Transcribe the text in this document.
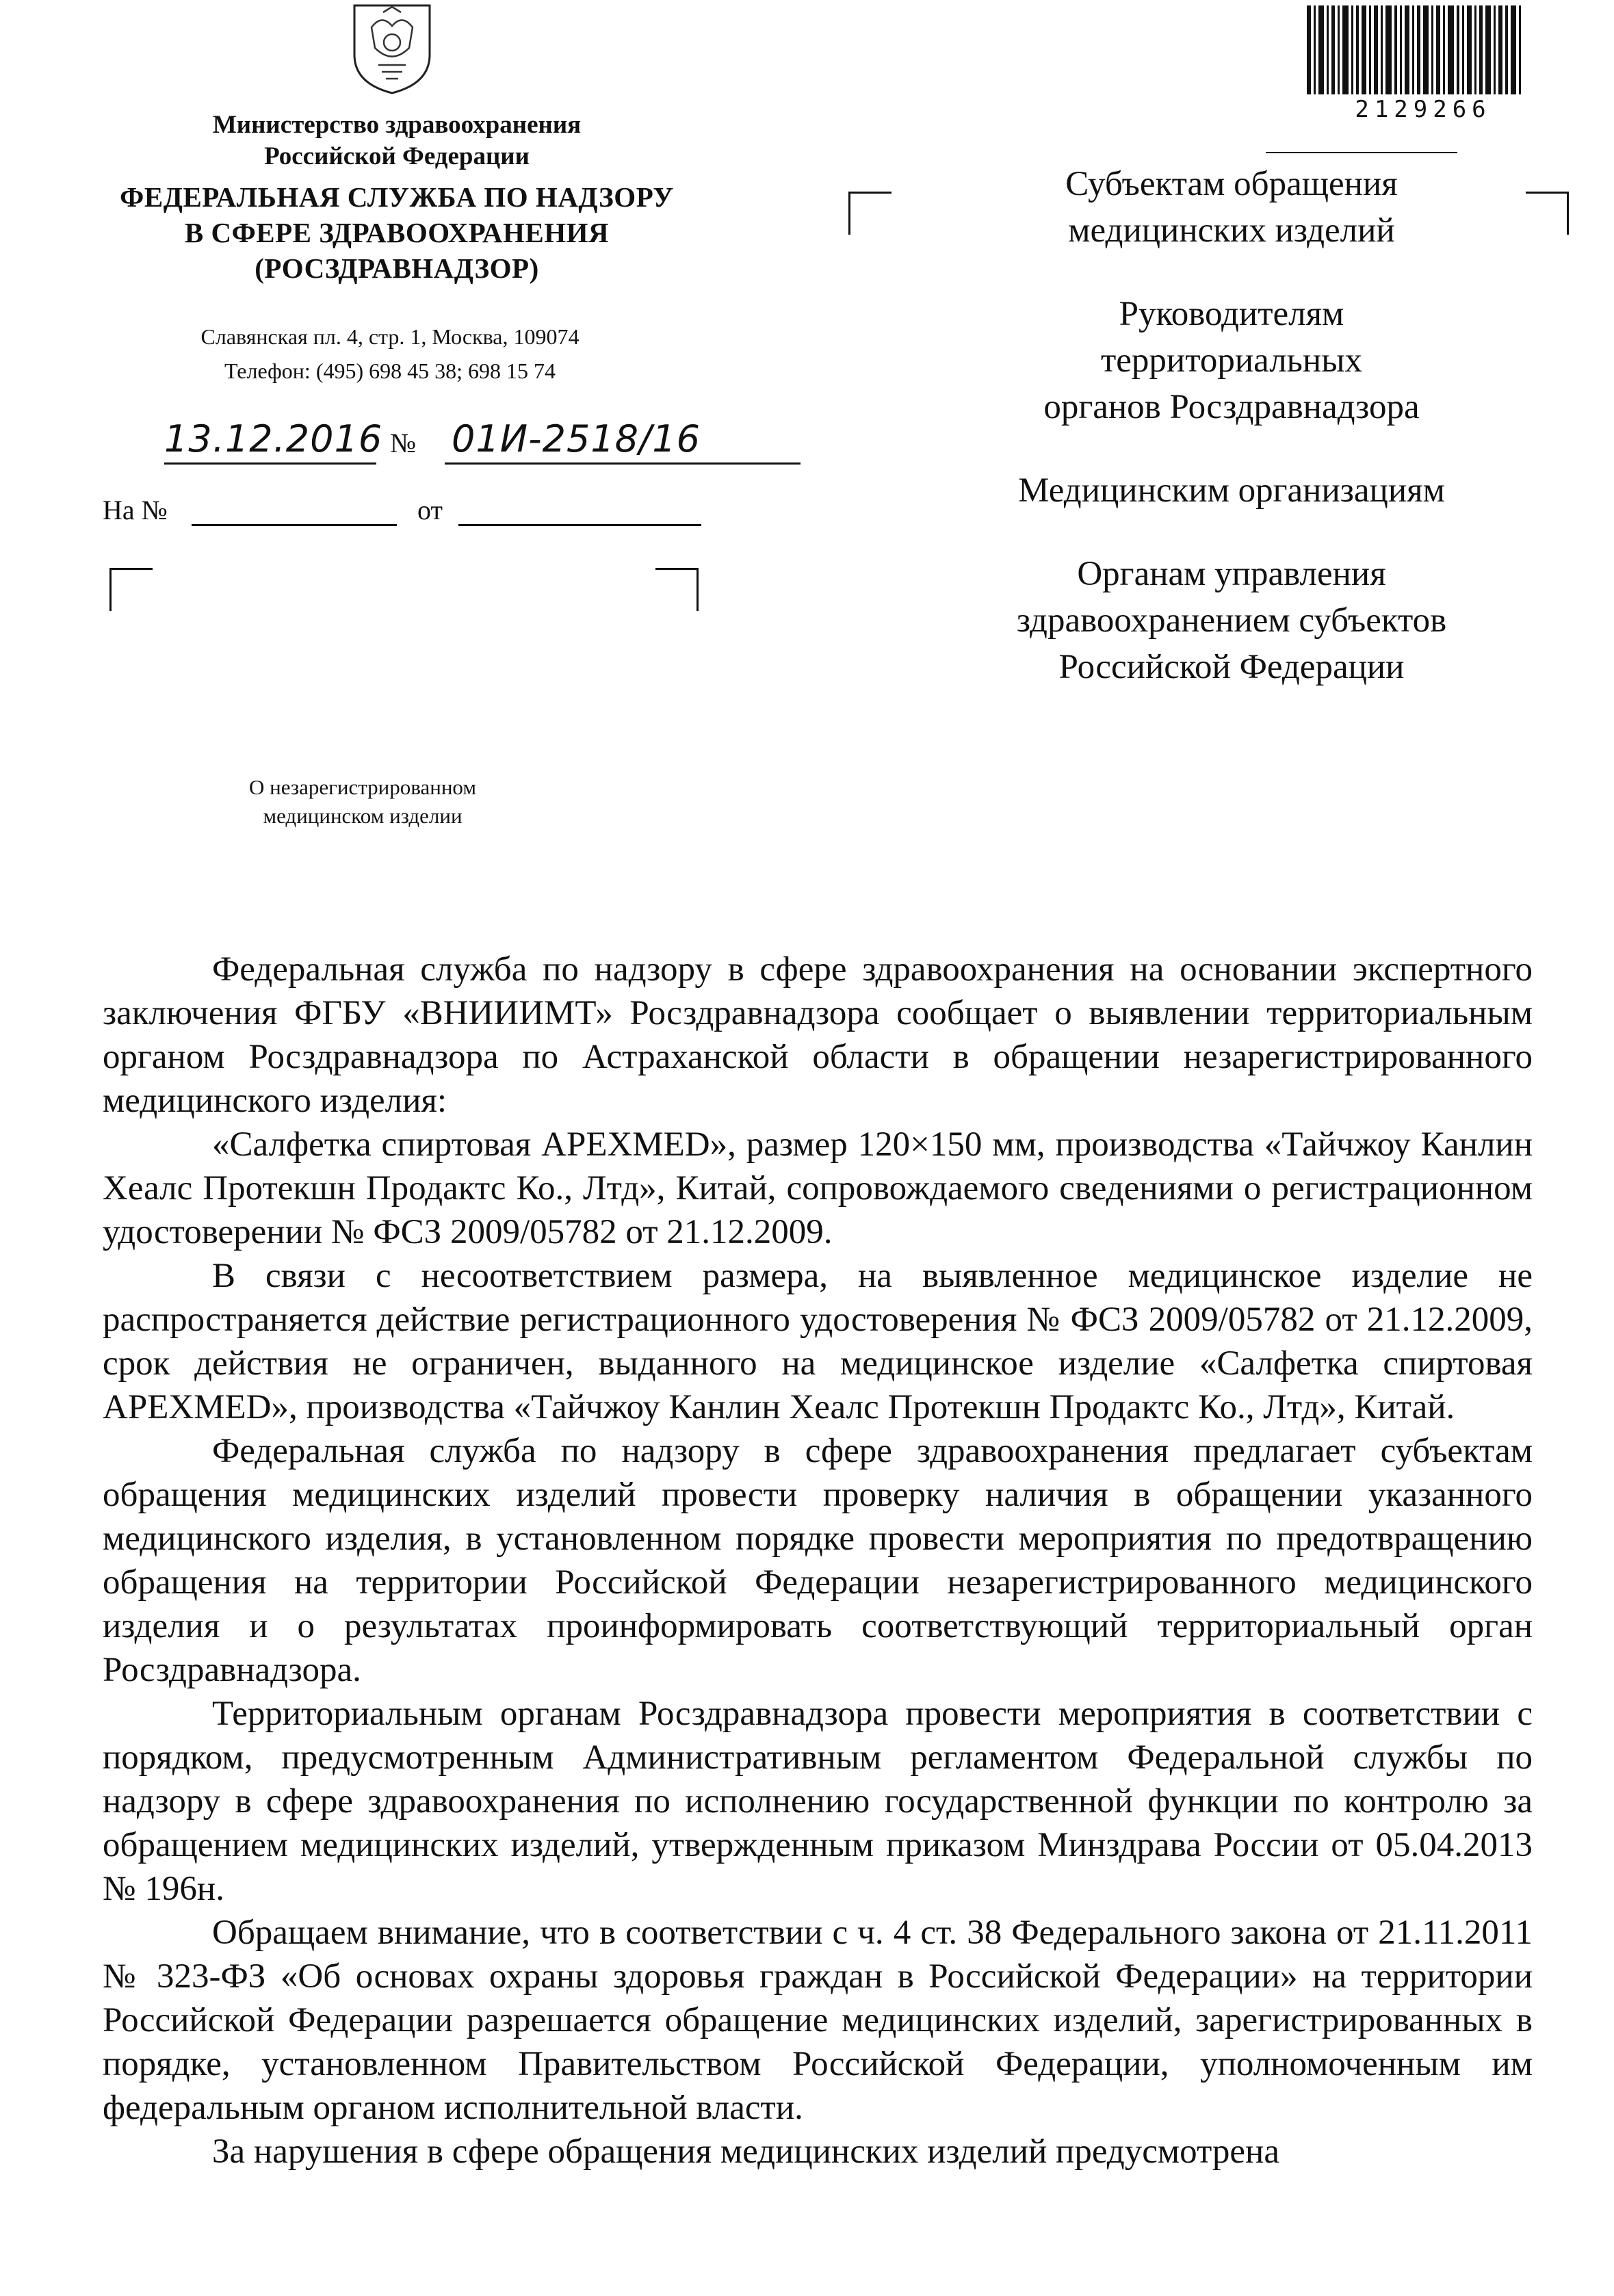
Министерство здравоохранения
Российской Федерации
ФЕДЕРАЛЬНАЯ СЛУЖБА ПО НАДЗОРУ
В СФЕРЕ ЗДРАВООХРАНЕНИЯ
(РОСЗДРАВНАДЗОР)
Славянская пл. 4, стр. 1, Москва, 109074
Телефон: (495) 698 45 38; 698 15 74
13.12.2016 № 01И-2518/16
На №	от
2129266
Субъектам обращения
медицинских изделий
Руководителям
территориальных
органов Росздравнадзора
Медицинским организациям
Органам управления
здравоохранением субъектов
Российской Федерации
О незарегистрированном
медицинском изделии

Федеральная служба по надзору в сфере здравоохранения на основании экспертного заключения ФГБУ «ВНИИИМТ» Росздравнадзора сообщает о выявлении территориальным органом Росздравнадзора по Астраханской области в обращении незарегистрированного медицинского изделия:

«Салфетка спиртовая APEXMED», размер 120×150 мм, производства «Тайчжоу Канлин Хеалс Протекшн Продактс Ко., Лтд», Китай, сопровождаемого сведениями о регистрационном удостоверении № ФСЗ 2009/05782 от 21.12.2009.

В связи с несоответствием размера, на выявленное медицинское изделие не распространяется действие регистрационного удостоверения № ФСЗ 2009/05782 от 21.12.2009, срок действия не ограничен, выданного на медицинское изделие «Салфетка спиртовая APEXMED», производства «Тайчжоу Канлин Хеалс Протекшн Продактс Ко., Лтд», Китай.

Федеральная служба по надзору в сфере здравоохранения предлагает субъектам обращения медицинских изделий провести проверку наличия в обращении указанного медицинского изделия, в установленном порядке провести мероприятия по предотвращению обращения на территории Российской Федерации незарегистрированного медицинского изделия и о результатах проинформировать соответствующий территориальный орган Росздравнадзора.

Территориальным органам Росздравнадзора провести мероприятия в соответствии с порядком, предусмотренным Административным регламентом Федеральной службы по надзору в сфере здравоохранения по исполнению государственной функции по контролю за обращением медицинских изделий, утвержденным приказом Минздрава России от 05.04.2013 № 196н.

Обращаем внимание, что в соответствии с ч. 4 ст. 38 Федерального закона от 21.11.2011 № 323-ФЗ «Об основах охраны здоровья граждан в Российской Федерации» на территории Российской Федерации разрешается обращение медицинских изделий, зарегистрированных в порядке, установленном Правительством Российской Федерации, уполномоченным им федеральным органом исполнительной власти.

За нарушения в сфере обращения медицинских изделий предусмотрена
